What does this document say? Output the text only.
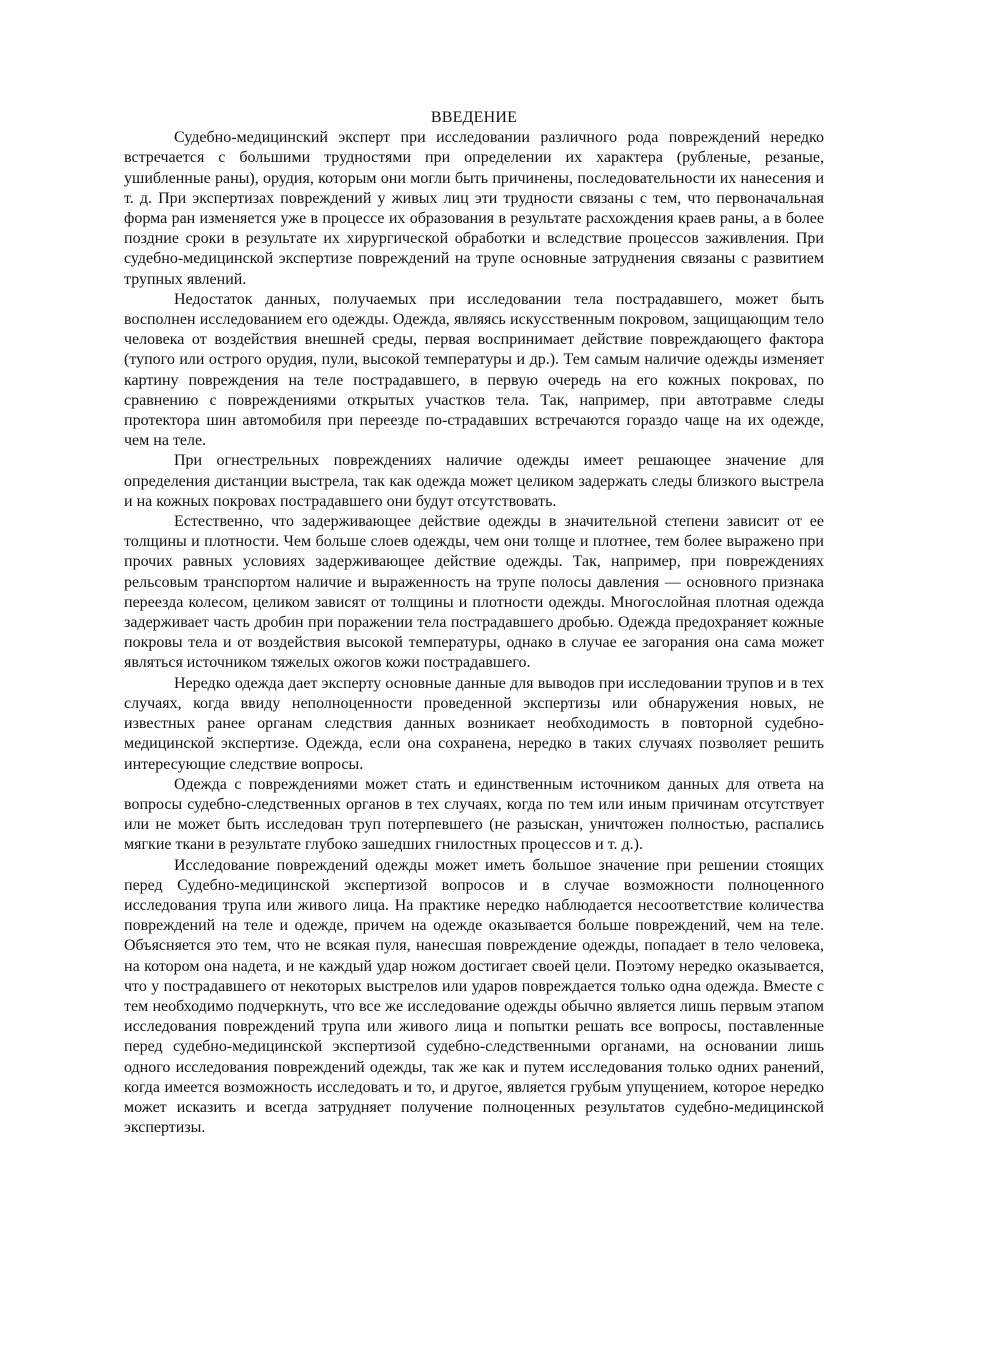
ВВЕДЕНИЕ

Судебно-медицинский эксперт при исследовании различного рода повреждений нередко встречается с большими трудностями при определении их характера (рубленые, резаные, ушибленные раны), орудия, которым они могли быть причинены, последовательности их нанесения и т. д. При экспертизах повреждений у живых лиц эти трудности связаны с тем, что первоначальная форма ран изменяется уже в процессе их образования в результате расхождения краев раны, а в более поздние сроки в результате их хирургической обработки и вследствие процессов заживления. При судебно-медицинской экспертизе повреждений на трупе основные затруднения связаны с развитием трупных явлений.

Недостаток данных, получаемых при исследовании тела пострадавшего, может быть восполнен исследованием его одежды. Одежда, являясь искусственным покровом, защищающим тело человека от воздействия внешней среды, первая воспринимает действие повреждающего фактора (тупого или острого орудия, пули, высокой температуры и др.). Тем самым наличие одежды изменяет картину повреждения на теле пострадавшего, в первую очередь на его кожных покровах, по сравнению с повреждениями открытых участков тела. Так, например, при автотравме следы протектора шин автомобиля при переезде по-страдавших встречаются гораздо чаще на их одежде, чем на теле.

При огнестрельных повреждениях наличие одежды имеет решающее значение для определения дистанции выстрела, так как одежда может целиком задержать следы близкого выстрела и на кожных покровах пострадавшего они будут отсутствовать.

Естественно, что задерживающее действие одежды в значительной степени зависит от ее толщины и плотности. Чем больше слоев одежды, чем они толще и плотнее, тем более выражено при прочих равных условиях задерживающее действие одежды. Так, например, при повреждениях рельсовым транспортом наличие и выраженность на трупе полосы давления — основного признака переезда колесом, целиком зависят от толщины и плотности одежды. Многослойная плотная одежда задерживает часть дробин при поражении тела пострадавшего дробью. Одежда предохраняет кожные покровы тела и от воздействия высокой температуры, однако в случае ее загорания она сама может являться источником тяжелых ожогов кожи пострадавшего.

Нередко одежда дает эксперту основные данные для выводов при исследовании трупов и в тех случаях, когда ввиду неполноценности проведенной экспертизы или обнаружения новых, не известных ранее органам следствия данных возникает необходимость в повторной судебно-медицинской экспертизе. Одежда, если она сохранена, нередко в таких случаях позволяет решить интересующие следствие вопросы.

Одежда с повреждениями может стать и единственным источником данных для ответа на вопросы судебно-следственных органов в тех случаях, когда по тем или иным причинам отсутствует или не может быть исследован труп потерпевшего (не разыскан, уничтожен полностью, распались мягкие ткани в результате глубоко зашедших гнилостных процессов и т. д.).

Исследование повреждений одежды может иметь большое значение при решении стоящих перед Судебно-медицинской экспертизой вопросов и в случае возможности полноценного исследования трупа или живого лица. На практике нередко наблюдается несоответствие количества повреждений на теле и одежде, причем на одежде оказывается больше повреждений, чем на теле. Объясняется это тем, что не всякая пуля, нанесшая повреждение одежды, попадает в тело человека, на котором она надета, и не каждый удар ножом достигает своей цели. Поэтому нередко оказывается, что у пострадавшего от некоторых выстрелов или ударов повреждается только одна одежда. Вместе с тем необходимо подчеркнуть, что все же исследование одежды обычно является лишь первым этапом исследования повреждений трупа или живого лица и попытки решать все вопросы, поставленные перед судебно-медицинской экспертизой судебно-следственными органами, на основании лишь одного исследования повреждений одежды, так же как и путем исследования только одних ранений, когда имеется возможность исследовать и то, и другое, является грубым упущением, которое нередко может исказить и всегда затрудняет получение полноценных результатов судебно-медицинской экспертизы.
